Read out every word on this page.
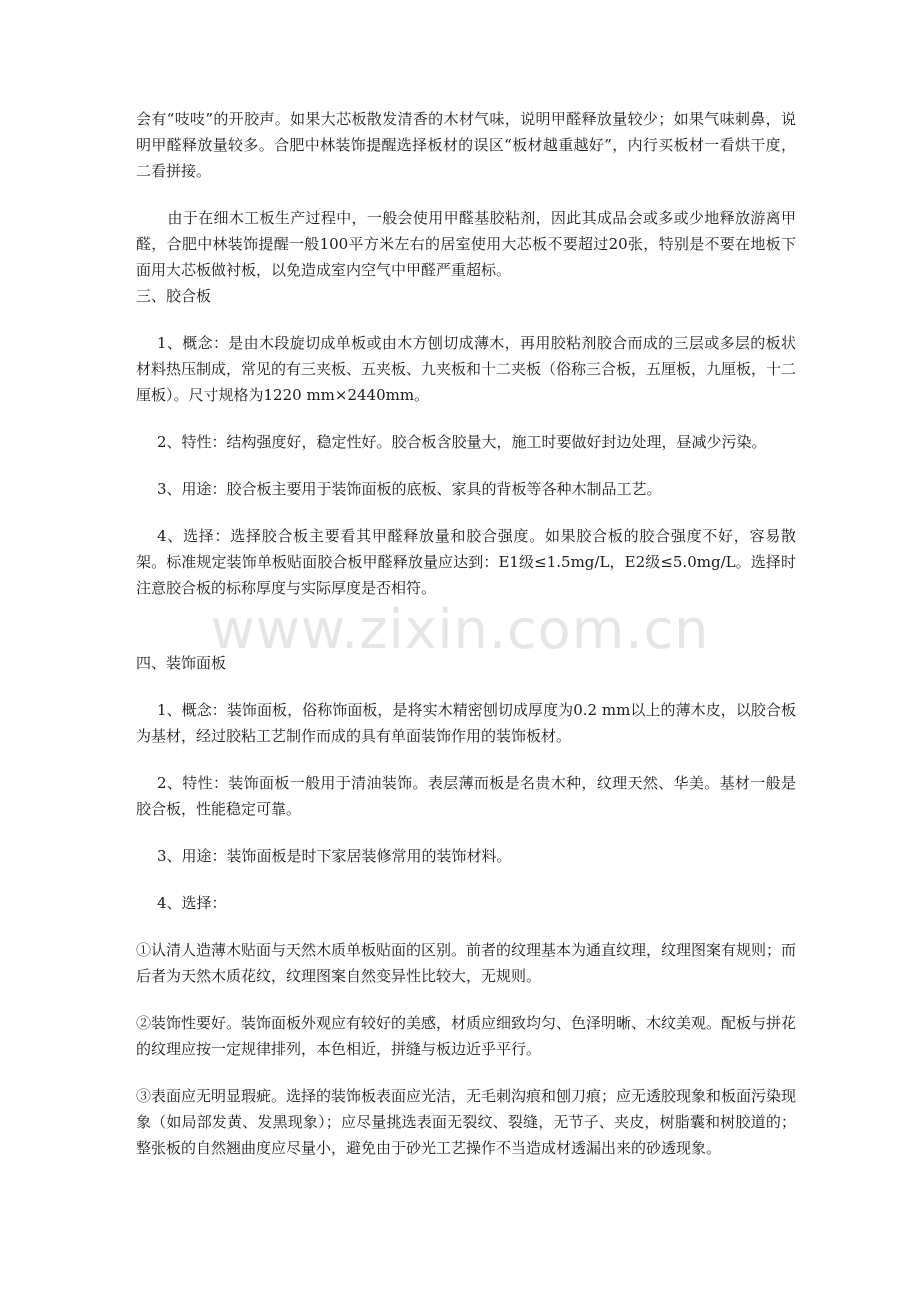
www.zixin.com.cn

会有“吱吱”的开胶声。如果大芯板散发清香的木材气味，说明甲醛释放量较少；如果气味刺鼻，说明甲醛释放量较多。合肥中林装饰提醒选择板材的误区“板材越重越好”，内行买板材一看烘干度，二看拼接。

由于在细木工板生产过程中，一般会使用甲醛基胶粘剂，因此其成品会或多或少地释放游离甲醛，合肥中林装饰提醒一般100平方米左右的居室使用大芯板不要超过20张，特别是不要在地板下面用大芯板做衬板，以免造成室内空气中甲醛严重超标。

三、胶合板

1、概念：是由木段旋切成单板或由木方刨切成薄木，再用胶粘剂胶合而成的三层或多层的板状材料热压制成，常见的有三夹板、五夹板、九夹板和十二夹板（俗称三合板，五厘板，九厘板，十二厘板）。尺寸规格为1220 mm×2440mm。

2、特性：结构强度好，稳定性好。胶合板含胶量大，施工时要做好封边处理，昼减少污染。

3、用途：胶合板主要用于装饰面板的底板、家具的背板等各种木制品工艺。

4、选择：选择胶合板主要看其甲醛释放量和胶合强度。如果胶合板的胶合强度不好，容易散架。标准规定装饰单板贴面胶合板甲醛释放量应达到：E1级≤1.5mg/L，E2级≤5.0mg/L。选择时注意胶合板的标称厚度与实际厚度是否相符。

四、装饰面板

1、概念：装饰面板，俗称饰面板，是将实木精密刨切成厚度为0.2 mm以上的薄木皮，以胶合板为基材，经过胶粘工艺制作而成的具有单面装饰作用的装饰板材。

2、特性：装饰面板一般用于清油装饰。表层薄而板是名贵木种，纹理天然、华美。基材一般是胶合板，性能稳定可靠。

3、用途：装饰面板是时下家居装修常用的装饰材料。

4、选择：

①认清人造薄木贴面与天然木质单板贴面的区别。前者的纹理基本为通直纹理，纹理图案有规则；而后者为天然木质花纹，纹理图案自然变异性比较大，无规则。

②装饰性要好。装饰面板外观应有较好的美感，材质应细致均匀、色泽明晰、木纹美观。配板与拼花的纹理应按一定规律排列，本色相近，拼缝与板边近乎平行。

③表面应无明显瑕疵。选择的装饰板表面应光洁，无毛刺沟痕和刨刀痕；应无透胶现象和板面污染现象（如局部发黄、发黑现象）；应尽量挑选表面无裂纹、裂缝，无节子、夹皮，树脂囊和树胶道的；整张板的自然翘曲度应尽量小，避免由于砂光工艺操作不当造成材透漏出来的砂透现象。
